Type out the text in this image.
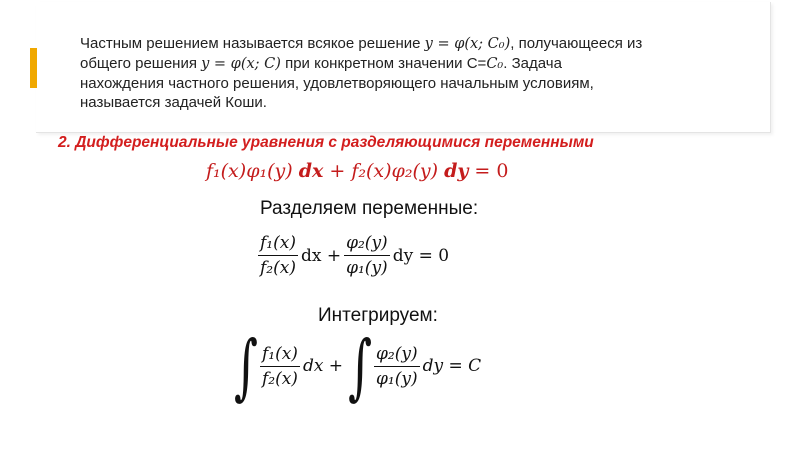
Частным решением называется всякое решение y = φ(x; C₀), получающееся из
общего решения y = φ(x; C) при конкретном значении С=C₀. Задача
нахождения частного решения, удовлетворяющего начальным условиям,
называется задачей Коши.
2. Дифференциальные уравнения с разделяющимися переменными
f₁(x)φ₁(y) dx + f₂(x)φ₂(y) dy = 0
Разделяем переменные:
$\frac{\text{f₁(x)}}{\text{f₂(x)}}$ dx + $\frac{\text{φ₂(y)}}{\text{φ₁(y)}}$ dy = 0
Интегрируем:
∫ $\frac{\text{f₁(x)}}{\text{f₂(x)}}$ dx + ∫ $\frac{\text{φ₂(y)}}{\text{φ₁(y)}}$ dy = C
